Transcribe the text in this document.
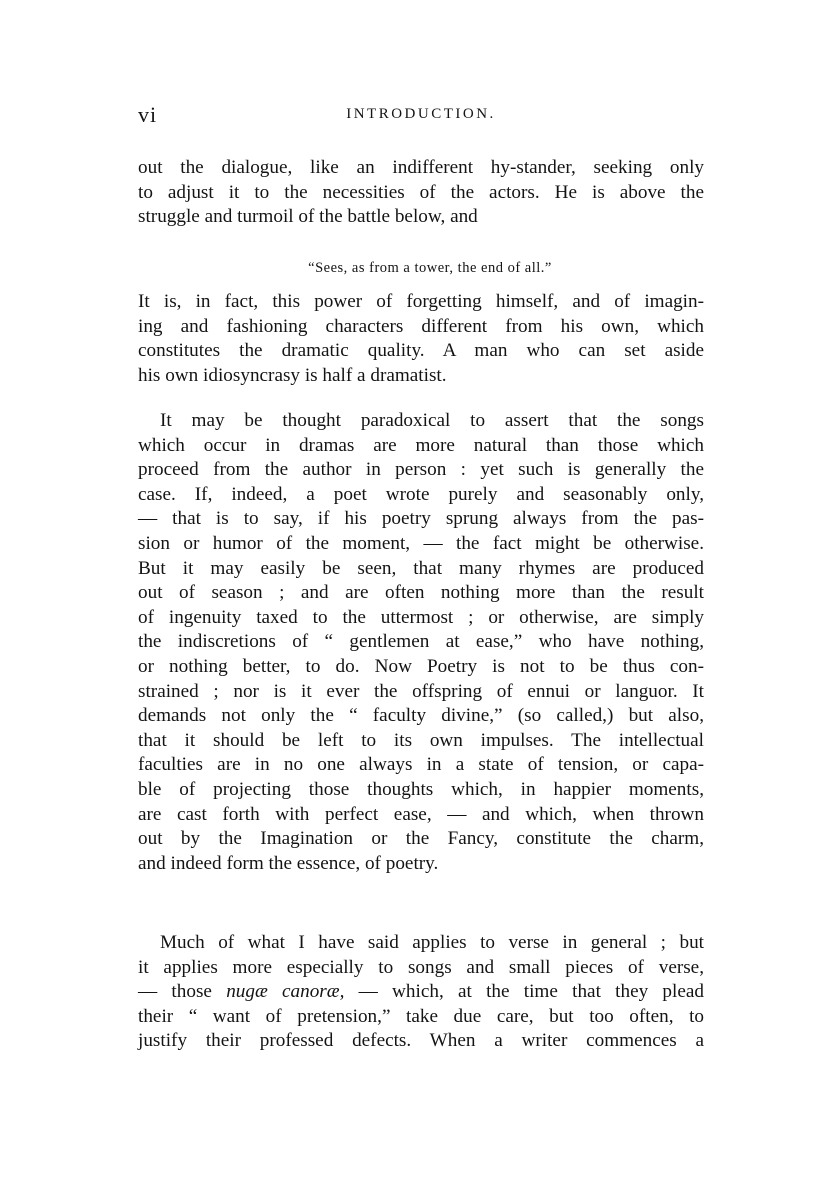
vi	INTRODUCTION.
out the dialogue, like an indifferent hy-stander, seeking only
to adjust it to the necessities of the actors. He is above the
struggle and turmoil of the battle below, and
“Sees, as from a tower, the end of all.”
It is, in fact, this power of forgetting himself, and of imagin-
ing and fashioning characters different from his own, which
constitutes the dramatic quality. A man who can set aside
his own idiosyncrasy is half a dramatist.
It may be thought paradoxical to assert that the songs
which occur in dramas are more natural than those which
proceed from the author in person : yet such is generally the
case. If, indeed, a poet wrote purely and seasonably only,
— that is to say, if his poetry sprung always from the pas-
sion or humor of the moment, — the fact might be otherwise.
But it may easily be seen, that many rhymes are produced
out of season ; and are often nothing more than the result
of ingenuity taxed to the uttermost ; or otherwise, are simply
the indiscretions of “ gentlemen at ease,” who have nothing,
or nothing better, to do. Now Poetry is not to be thus con-
strained ; nor is it ever the offspring of ennui or languor. It
demands not only the “ faculty divine,” (so called,) but also,
that it should be left to its own impulses. The intellectual
faculties are in no one always in a state of tension, or capa-
ble of projecting those thoughts which, in happier moments,
are cast forth with perfect ease, — and which, when thrown
out by the Imagination or the Fancy, constitute the charm,
and indeed form the essence, of poetry.
Much of what I have said applies to verse in general ; but
it applies more especially to songs and small pieces of verse,
— those nugæ canoræ, — which, at the time that they plead
their “ want of pretension,” take due care, but too often, to
justify their professed defects. When a writer commences a
